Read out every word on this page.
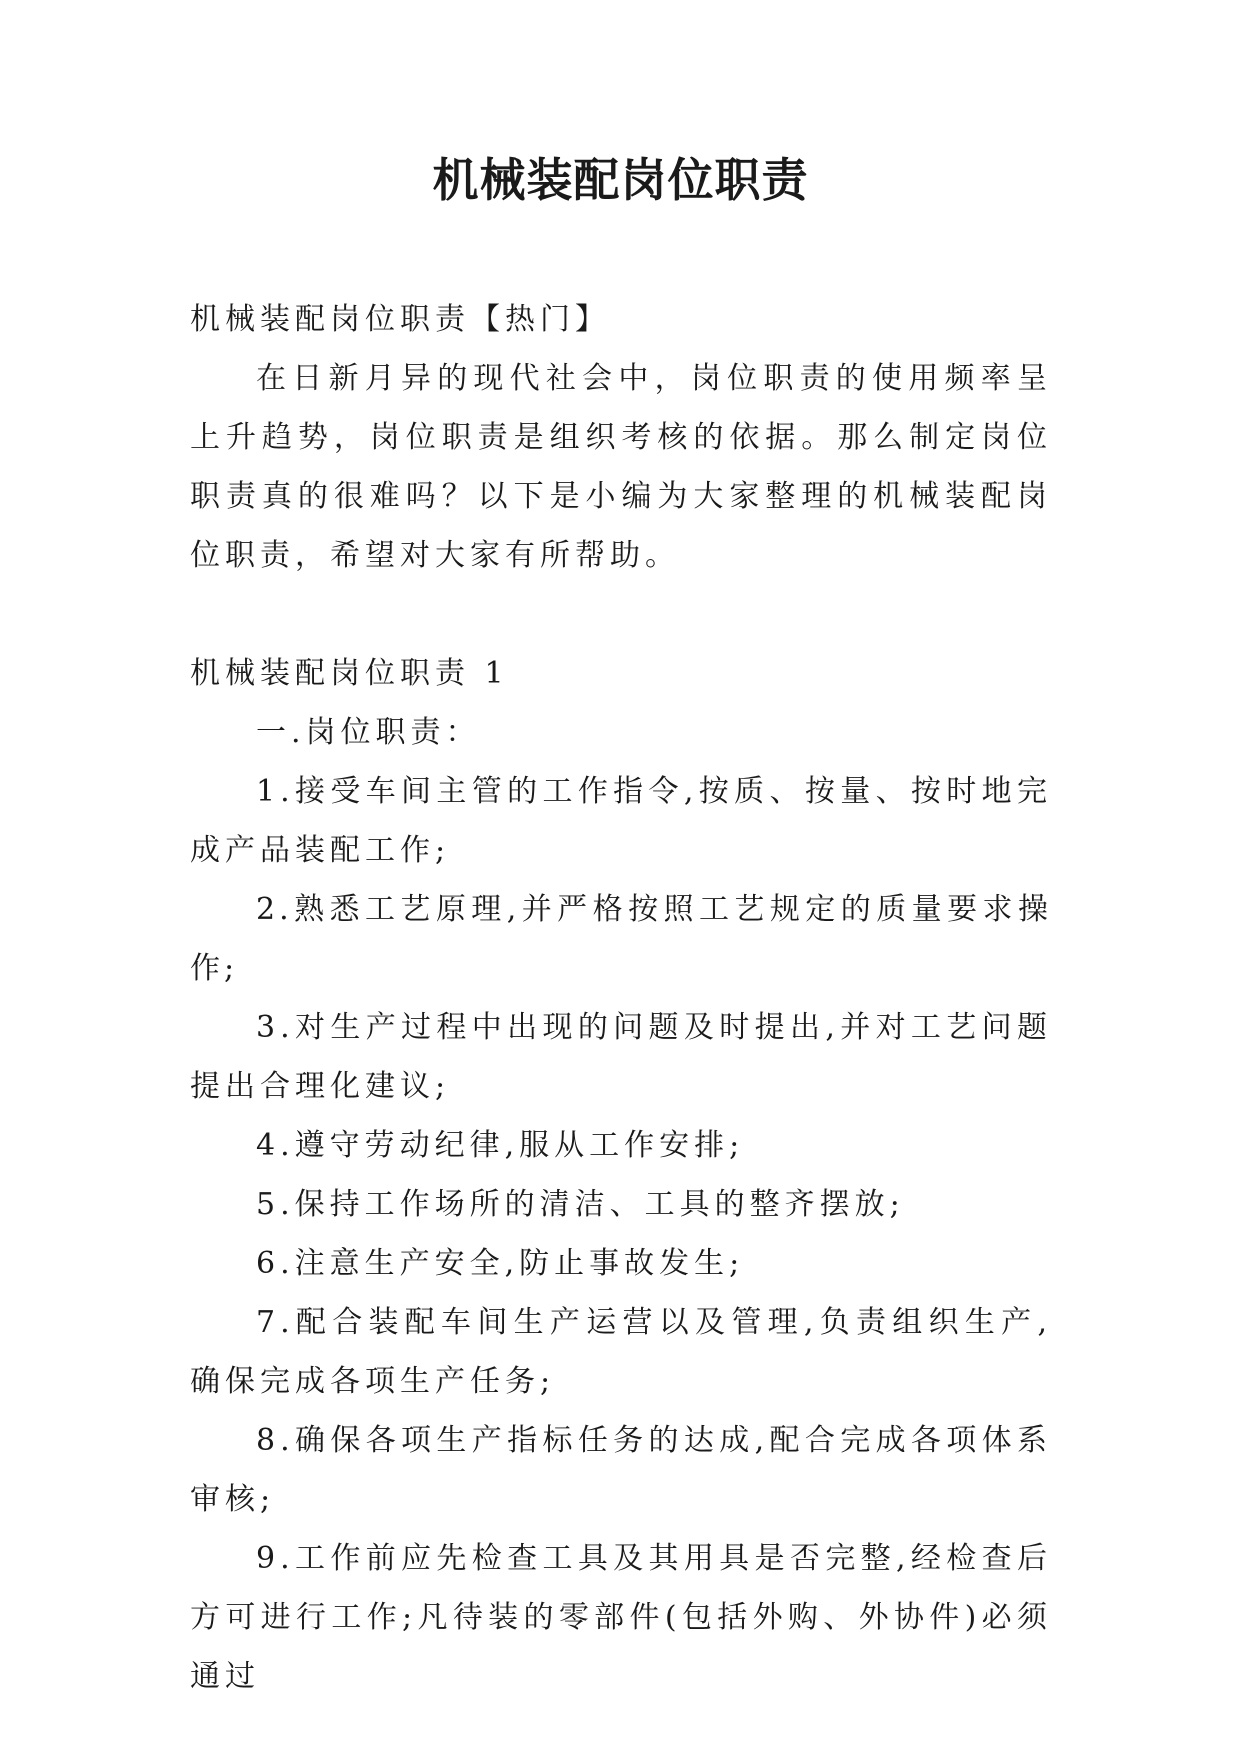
机械装配岗位职责

机械装配岗位职责【热门】

在日新月异的现代社会中，岗位职责的使用频率呈上升趋势，岗位职责是组织考核的依据。那么制定岗位职责真的很难吗？以下是小编为大家整理的机械装配岗位职责，希望对大家有所帮助。

机械装配岗位职责 1

一.岗位职责：

1.接受车间主管的工作指令,按质、按量、按时地完成产品装配工作;

2.熟悉工艺原理,并严格按照工艺规定的质量要求操作;

3.对生产过程中出现的问题及时提出,并对工艺问题提出合理化建议;

4.遵守劳动纪律,服从工作安排;

5.保持工作场所的清洁、工具的整齐摆放;

6.注意生产安全,防止事故发生;

7.配合装配车间生产运营以及管理,负责组织生产,确保完成各项生产任务;

8.确保各项生产指标任务的达成,配合完成各项体系审核;

9.工作前应先检查工具及其用具是否完整,经检查后方可进行工作;凡待装的零部件(包括外购、外协件)必须通过
